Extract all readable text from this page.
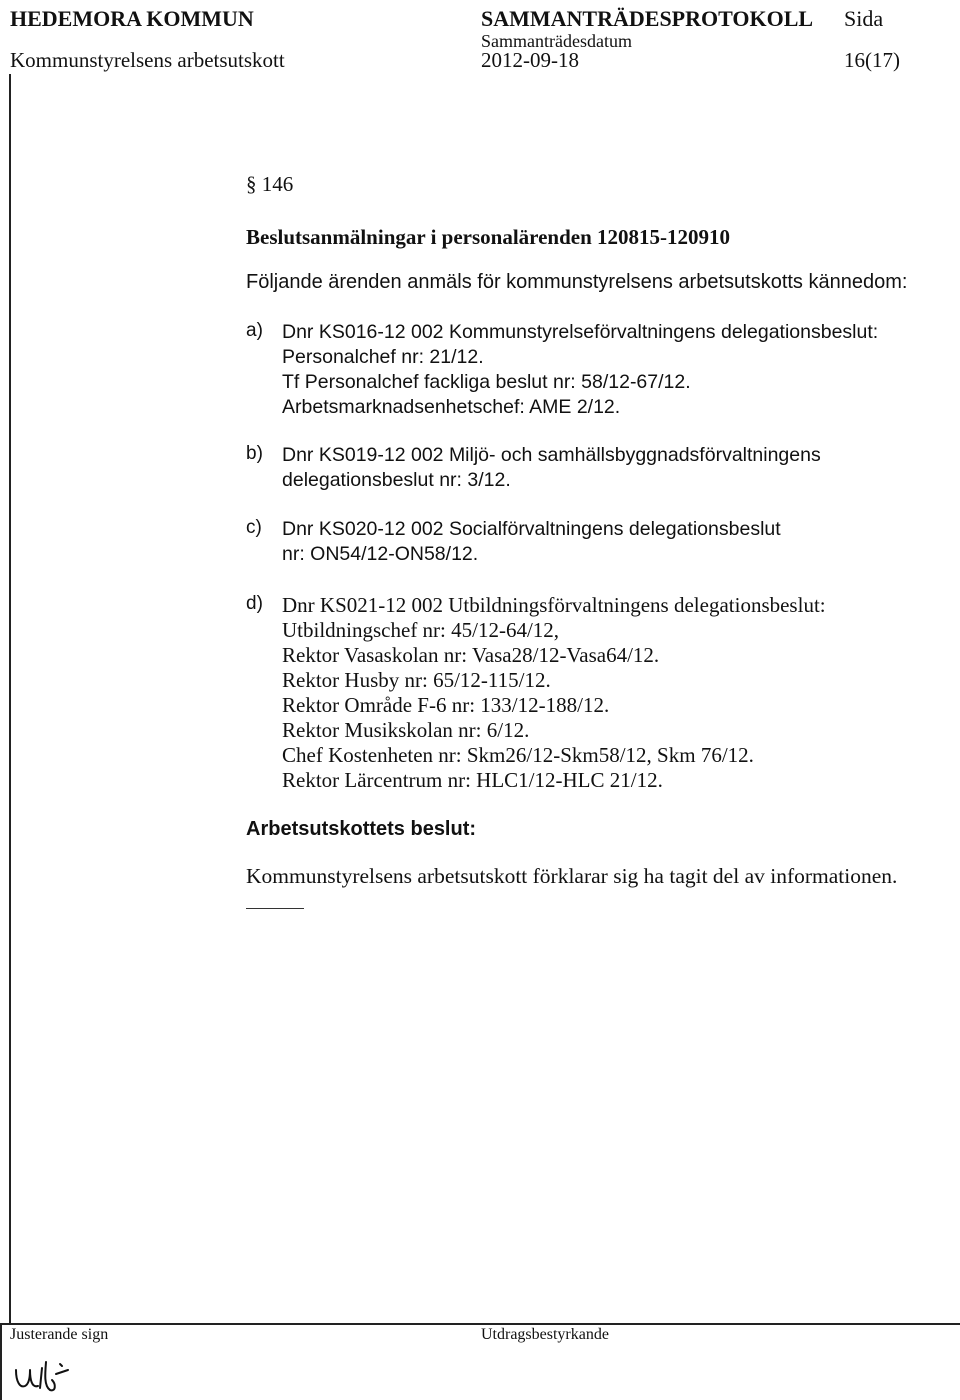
HEDEMORA KOMMUN
Kommunstyrelsens arbetsutskott
SAMMANTRÄDESPROTOKOLL
Sammanträdesdatum
2012-09-18
Sida
16(17)
§ 146
Beslutsanmälningar i personalärenden 120815-120910
Följande ärenden anmäls för kommunstyrelsens arbetsutskotts kännedom:
a) Dnr KS016-12 002 Kommunstyrelseförvaltningens delegationsbeslut:
Personalchef nr: 21/12.
Tf Personalchef fackliga beslut nr: 58/12-67/12.
Arbetsmarknadsenhetschef: AME 2/12.
b) Dnr KS019-12 002 Miljö- och samhällsbyggnadsförvaltningens
delegationsbeslut nr: 3/12.
c) Dnr KS020-12 002 Socialförvaltningens delegationsbeslut
nr: ON54/12-ON58/12.
d) Dnr KS021-12 002 Utbildningsförvaltningens delegationsbeslut:
Utbildningschef nr: 45/12-64/12,
Rektor Vasaskolan nr: Vasa28/12-Vasa64/12.
Rektor Husby nr: 65/12-115/12.
Rektor Område F-6 nr: 133/12-188/12.
Rektor Musikskolan nr: 6/12.
Chef Kostenheten nr: Skm26/12-Skm58/12, Skm 76/12.
Rektor Lärcentrum nr: HLC1/12-HLC 21/12.
Arbetsutskottets beslut:
Kommunstyrelsens arbetsutskott förklarar sig ha tagit del av informationen.
Justerande sign	Utdragsbestyrkande
